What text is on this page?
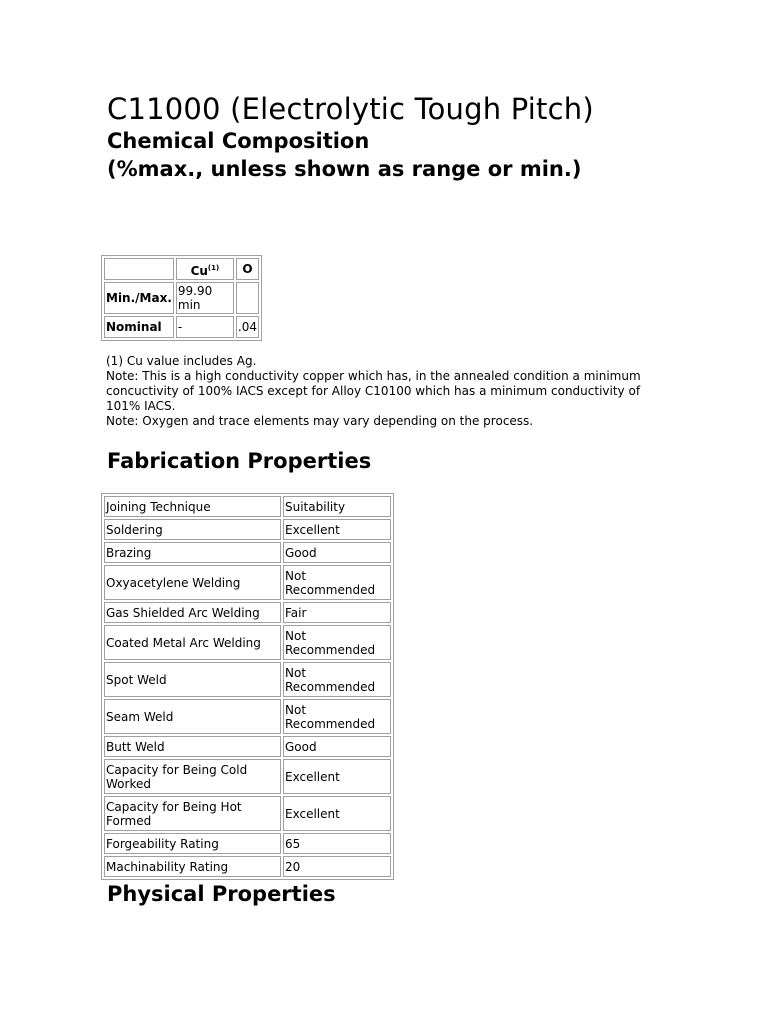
C11000 (Electrolytic Tough Pitch)
Chemical Composition
(%max., unless shown as range or min.)
	Cu$^{(1)}$	O
Min./Max.	99.90 min	
Nominal	-	.04

(1) Cu value includes Ag.

Note: This is a high conductivity copper which has, in the annealed condition a minimum concuctivity of 100% IACS except for Alloy C10100 which has a minimum conductivity of 101% IACS.

Note: Oxygen and trace elements may vary depending on the process.

Fabrication Properties
Joining Technique	Suitability
Soldering	Excellent
Brazing	Good
Oxyacetylene Welding	Not Recommended
Gas Shielded Arc Welding	Fair
Coated Metal Arc Welding	Not Recommended
Spot Weld	Not Recommended
Seam Weld	Not Recommended
Butt Weld	Good
Capacity for Being Cold Worked	Excellent
Capacity for Being Hot Formed	Excellent
Forgeability Rating	65
Machinability Rating	20
Physical Properties
